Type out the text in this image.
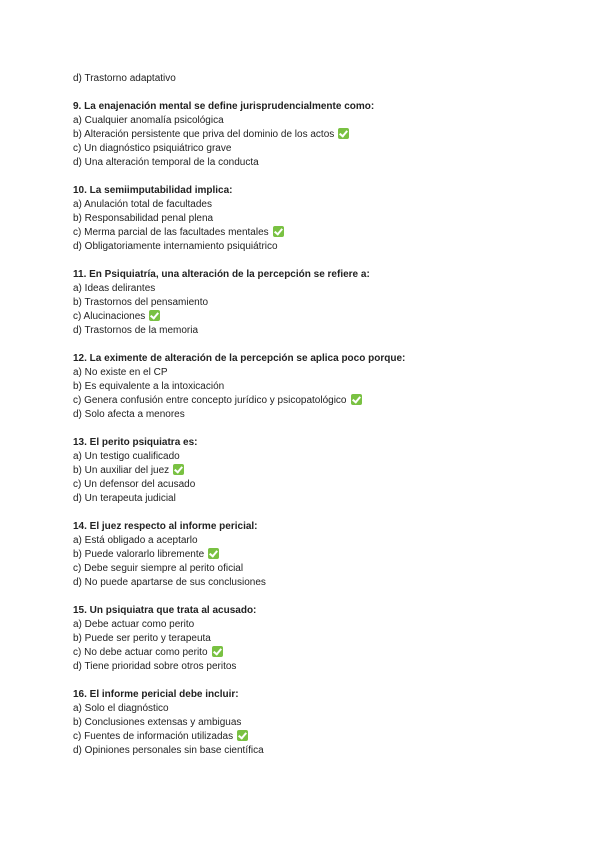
d) Trastorno adaptativo

9. La enajenación mental se define jurisprudencialmente como:

a) Cualquier anomalía psicológica

b) Alteración persistente que priva del dominio de los actos

c) Un diagnóstico psiquiátrico grave

d) Una alteración temporal de la conducta

10. La semiimputabilidad implica:

a) Anulación total de facultades

b) Responsabilidad penal plena

c) Merma parcial de las facultades mentales

d) Obligatoriamente internamiento psiquiátrico

11. En Psiquiatría, una alteración de la percepción se refiere a:

a) Ideas delirantes

b) Trastornos del pensamiento

c) Alucinaciones

d) Trastornos de la memoria

12. La eximente de alteración de la percepción se aplica poco porque:

a) No existe en el CP

b) Es equivalente a la intoxicación

c) Genera confusión entre concepto jurídico y psicopatológico

d) Solo afecta a menores

13. El perito psiquiatra es:

a) Un testigo cualificado

b) Un auxiliar del juez

c) Un defensor del acusado

d) Un terapeuta judicial

14. El juez respecto al informe pericial:

a) Está obligado a aceptarlo

b) Puede valorarlo libremente

c) Debe seguir siempre al perito oficial

d) No puede apartarse de sus conclusiones

15. Un psiquiatra que trata al acusado:

a) Debe actuar como perito

b) Puede ser perito y terapeuta

c) No debe actuar como perito

d) Tiene prioridad sobre otros peritos

16. El informe pericial debe incluir:

a) Solo el diagnóstico

b) Conclusiones extensas y ambiguas

c) Fuentes de información utilizadas

d) Opiniones personales sin base científica
